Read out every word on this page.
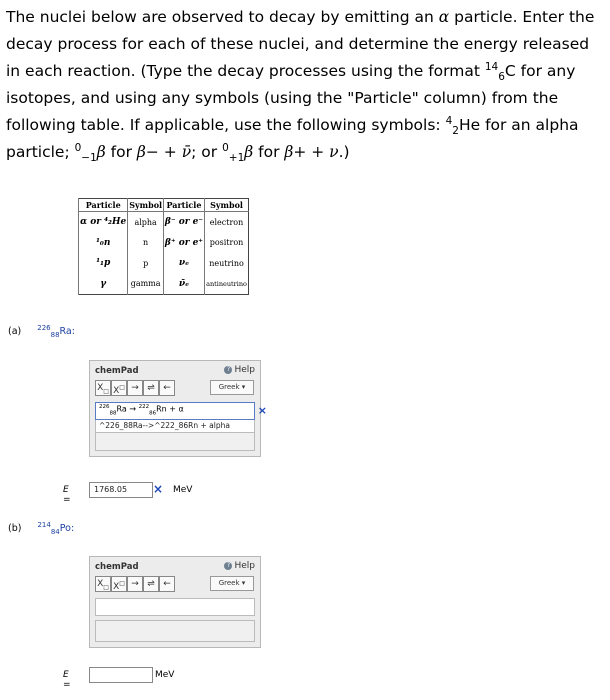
The nuclei below are observed to decay by emitting an α particle. Enter the decay process for each of these nuclei, and determine the energy released in each reaction. (Type the decay processes using the format $^{14}_6$C for any isotopes, and using any symbols (using the "Particle" column) from the following table. If applicable, use the following symbols: $^4_2$He for an alpha particle; $^0_{-1}$β for β− + ν̄; or $^0_{+1}$β for β+ + ν.)

Particle	Symbol	Particle	Symbol
α or ⁴₂He	alpha	β⁻ or e⁻	electron
¹₀n	n	β⁺ or e⁺	positron
¹₁p	p	νₑ	neutrino
γ	gamma	ν̄ₑ	antineutrino
(a) $^{226}_{88}$Ra:
chemPad	? Help
$X_□$ X□ → ⇌ ←	Greek ▾
$^{226}_{88}$Ra → $^{222}_{86}$Rn + α	×
^226_88Ra-->^222_86Rn + alpha
E =
1768.05	× MeV
(b) $^{214}_{84}$Po:
chemPad	? Help
$X_□$ X□ → ⇌ ←	Greek ▾
E =
MeV
